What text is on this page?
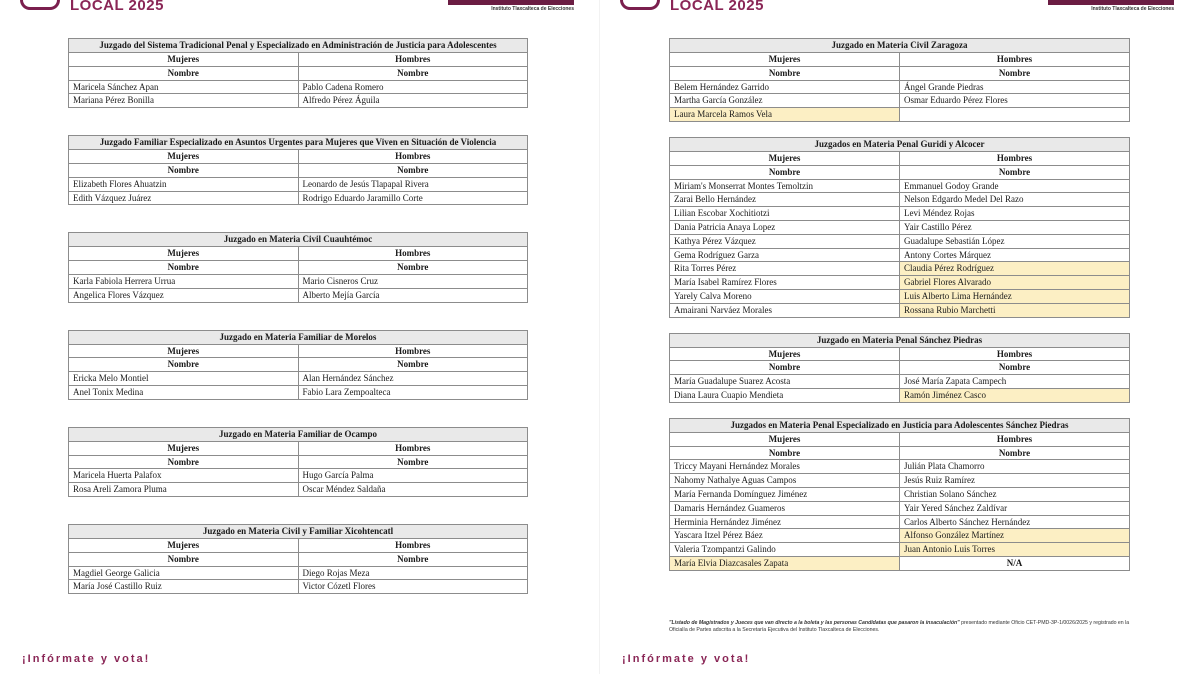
LOCAL 2025	Instituto Tlaxcalteca de Elecciones
Juzgado del Sistema Tradicional Penal y Especializado en Administración de Justicia para Adolescentes	
Mujeres	Hombres
Nombre	Nombre
Maricela Sánchez Apan	Pablo Cadena Romero
Mariana Pérez Bonilla	Alfredo Pérez Águila
Juzgado Familiar Especializado en Asuntos Urgentes para Mujeres que Viven en Situación de Violencia	
Mujeres	Hombres
Nombre	Nombre
Elizabeth Flores Ahuatzin	Leonardo de Jesús Tlapapal Rivera
Edith Vázquez Juárez	Rodrigo Eduardo Jaramillo Corte
Juzgado en Materia Civil Cuauhtémoc	
Mujeres	Hombres
Nombre	Nombre
Karla Fabiola Herrera Urrua	Mario Cisneros Cruz
Angelica Flores Vázquez	Alberto Mejía García
Juzgado en Materia Familiar de Morelos	
Mujeres	Hombres
Nombre	Nombre
Ericka Melo Montiel	Alan Hernández Sánchez
Anel Tonix Medina	Fabio Lara Zempoalteca
Juzgado en Materia Familiar de Ocampo	
Mujeres	Hombres
Nombre	Nombre
Maricela Huerta Palafox	Hugo García Palma
Rosa Areli Zamora Pluma	Oscar Méndez Saldaña
Juzgado en Materia Civil y Familiar Xicohtencatl	
Mujeres	Hombres
Nombre	Nombre
Magdiel George Galicia	Diego Rojas Meza
María José Castillo Ruiz	Victor Cózetl Flores
¡Infórmate y vota!
LOCAL 2025	Instituto Tlaxcalteca de Elecciones
Juzgado en Materia Civil Zaragoza	
Mujeres	Hombres
Nombre	Nombre
Belem Hernández Garrido	Ángel Grande Piedras
Martha García González	Osmar Eduardo Pérez Flores
Laura Marcela Ramos Vela	
Juzgados en Materia Penal Guridi y Alcocer	
Mujeres	Hombres
Nombre	Nombre
Miriam's Monserrat Montes Temoltzin	Emmanuel Godoy Grande
Zarai Bello Hernández	Nelson Edgardo Medel Del Razo
Lilian Escobar Xochitiotzi	Levi Méndez Rojas
Dania Patricia Anaya Lopez	Yair Castillo Pérez
Kathya Pérez Vázquez	Guadalupe Sebastián López
Gema Rodríguez Garza	Antony Cortes Márquez
Rita Torres Pérez	Claudia Pérez Rodríguez
María Isabel Ramírez Flores	Gabriel Flores Alvarado
Yarely Calva Moreno	Luis Alberto Lima Hernández
Amairani Narváez Morales	Rossana Rubio Marchetti
Juzgado en Materia Penal Sánchez Piedras	
Mujeres	Hombres
Nombre	Nombre
María Guadalupe Suarez Acosta	José María Zapata Campech
Diana Laura Cuapio Mendieta	Ramón Jiménez Casco
Juzgados en Materia Penal Especializado en Justicia para Adolescentes Sánchez Piedras	
Mujeres	Hombres
Nombre	Nombre
Triccy Mayani Hernández Morales	Julián Plata Chamorro
Nahomy Nathalye Aguas Campos	Jesús Ruiz Ramírez
María Fernanda Domínguez Jiménez	Christian Solano Sánchez
Damaris Hernández Guameros	Yair Yered Sánchez Zaldívar
Herminia Hernández Jiménez	Carlos Alberto Sánchez Hernández
Yascara Itzel Pérez Báez	Alfonso González Martínez
Valeria Tzompantzi Galindo	Juan Antonio Luis Torres
María Elvia Diazcasales Zapata	N/A
"Listado de Magistrados y Jueces que van directo a la boleta y las personas Candidatas que pasaron la insaculación" presentado mediante Oficio CET-PMD-3P-1/0026/2025 y registrado en la Oficialía de Partes adscrita a la Secretaría Ejecutiva del Instituto Tlaxcalteca de Elecciones.
¡Infórmate y vota!
